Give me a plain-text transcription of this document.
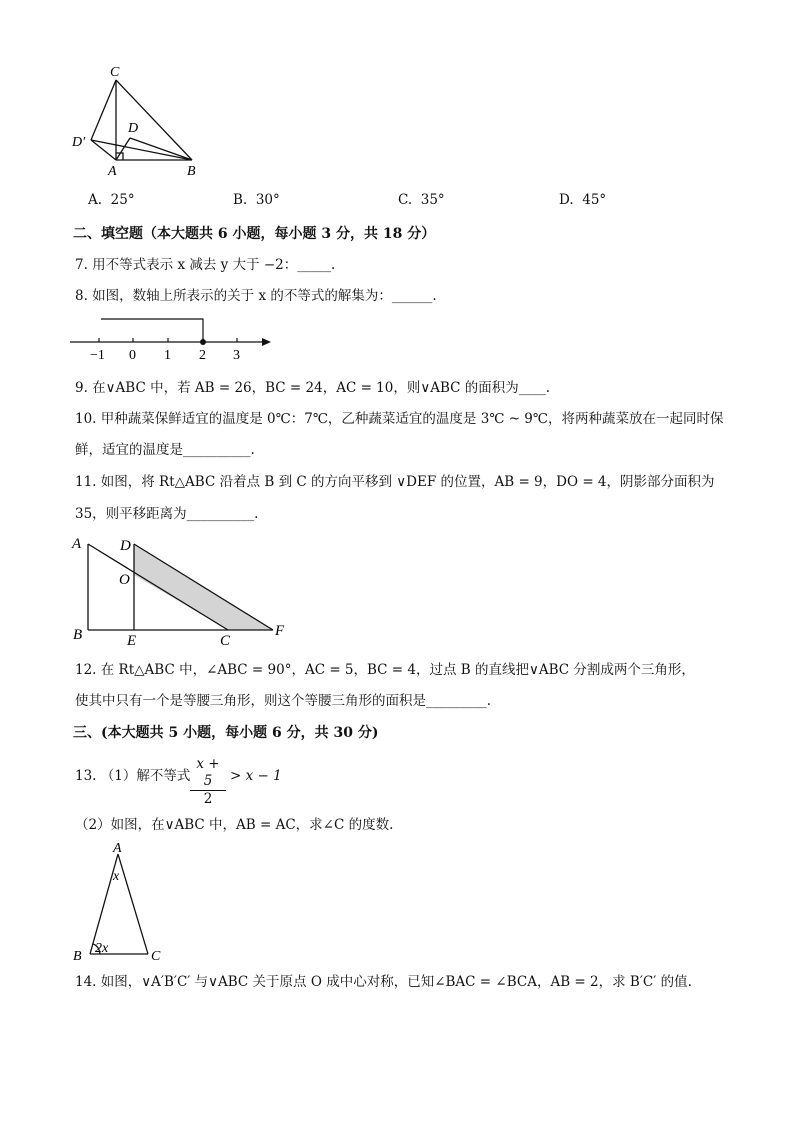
C
D
D′
A	B
A. 25°	B. 30°	C. 35°	D. 45°
二、填空题（本大题共 6 小题，每小题 3 分，共 18 分）
7. 用不等式表示 x 减去 y 大于 −2：_____.
8. 如图，数轴上所表示的关于 x 的不等式的解集为：______.
−1 0 1 2 3
9. 在∨ABC 中，若 AB = 26，BC = 24，AC = 10，则∨ABC 的面积为____.
10. 甲种蔬菜保鲜适宜的温度是 0℃：7℃，乙种蔬菜适宜的温度是 3℃ ~ 9℃，将两种蔬菜放在一起同时保
鲜，适宜的温度是__________.
11. 如图，将 Rt△ABC 沿着点 B 到 C 的方向平移到 ∨DEF 的位置，AB = 9，DO = 4，阴影部分面积为
35，则平移距离为__________.
A	D
O
B	E	C
F
12. 在 Rt△ABC 中，∠ABC = 90°，AC = 5，BC = 4，过点 B 的直线把∨ABC 分割成两个三角形，
使其中只有一个是等腰三角形，则这个等腰三角形的面积是_________.
三、(本大题共 5 小题，每小题 6 分，共 30 分)
13. （1）解不等式 $\frac{x + 5}{2} > x - 1$
（2）如图，在∨ABC 中，AB = AC，求∠C 的度数.
A
x
B
2x
C
14. 如图，∨A′B′C′ 与∨ABC 关于原点 O 成中心对称，已知∠BAC = ∠BCA，AB = 2，求 B′C′ 的值.
